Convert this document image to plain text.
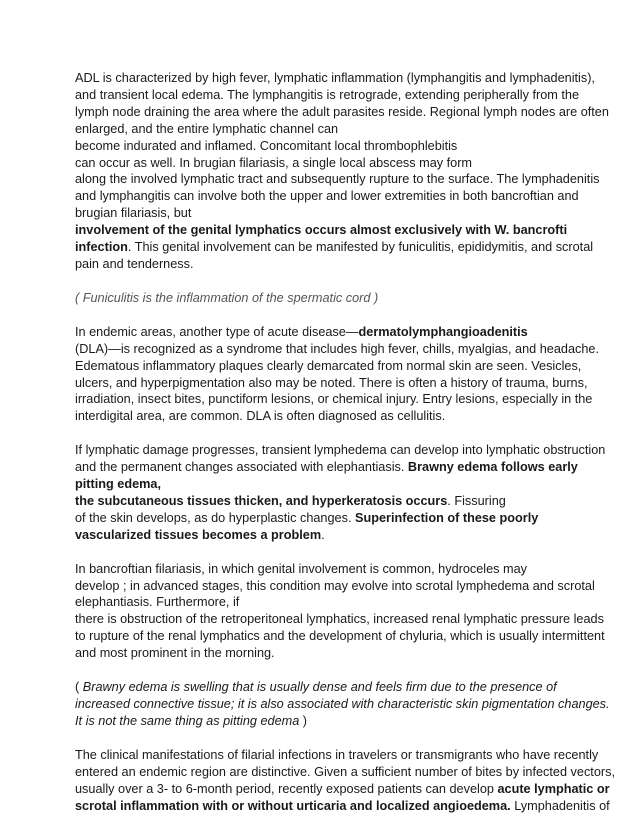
ADL is characterized by high fever, lymphatic inflammation (lymphangitis and lymphadenitis),
and transient local edema. The lymphangitis is retrograde, extending peripherally from the
lymph node draining the area where the adult parasites reside. Regional lymph nodes are often
enlarged, and the entire lymphatic channel can
become indurated and inflamed. Concomitant local thrombophlebitis
can occur as well. In brugian filariasis, a single local abscess may form
along the involved lymphatic tract and subsequently rupture to the surface. The lymphadenitis
and lymphangitis can involve both the upper and lower extremities in both bancroftian and
brugian filariasis, but
involvement of the genital lymphatics occurs almost exclusively with W. bancrofti
infection. This genital involvement can be manifested by funiculitis, epididymitis, and scrotal
pain and tenderness.

( Funiculitis is the inflammation of the spermatic cord )

In endemic areas, another type of acute disease—dermatolymphangioadenitis
(DLA)—is recognized as a syndrome that includes high fever, chills, myalgias, and headache.
Edematous inflammatory plaques clearly demarcated from normal skin are seen. Vesicles,
ulcers, and hyperpigmentation also may be noted. There is often a history of trauma, burns,
irradiation, insect bites, punctiform lesions, or chemical injury. Entry lesions, especially in the
interdigital area, are common. DLA is often diagnosed as cellulitis.

If lymphatic damage progresses, transient lymphedema can develop into lymphatic obstruction
and the permanent changes associated with elephantiasis. Brawny edema follows early
pitting edema,
the subcutaneous tissues thicken, and hyperkeratosis occurs. Fissuring
of the skin develops, as do hyperplastic changes. Superinfection of these poorly
vascularized tissues becomes a problem.

In bancroftian filariasis, in which genital involvement is common, hydroceles may
develop ; in advanced stages, this condition may evolve into scrotal lymphedema and scrotal
elephantiasis. Furthermore, if
there is obstruction of the retroperitoneal lymphatics, increased renal lymphatic pressure leads
to rupture of the renal lymphatics and the development of chyluria, which is usually intermittent
and most prominent in the morning.

( Brawny edema is swelling that is usually dense and feels firm due to the presence of
increased connective tissue; it is also associated with characteristic skin pigmentation changes.
It is not the same thing as pitting edema )

The clinical manifestations of filarial infections in travelers or transmigrants who have recently
entered an endemic region are distinctive. Given a sufficient number of bites by infected vectors,
usually over a 3- to 6-month period, recently exposed patients can develop acute lymphatic or
scrotal inflammation with or without urticaria and localized angioedema. Lymphadenitis of
